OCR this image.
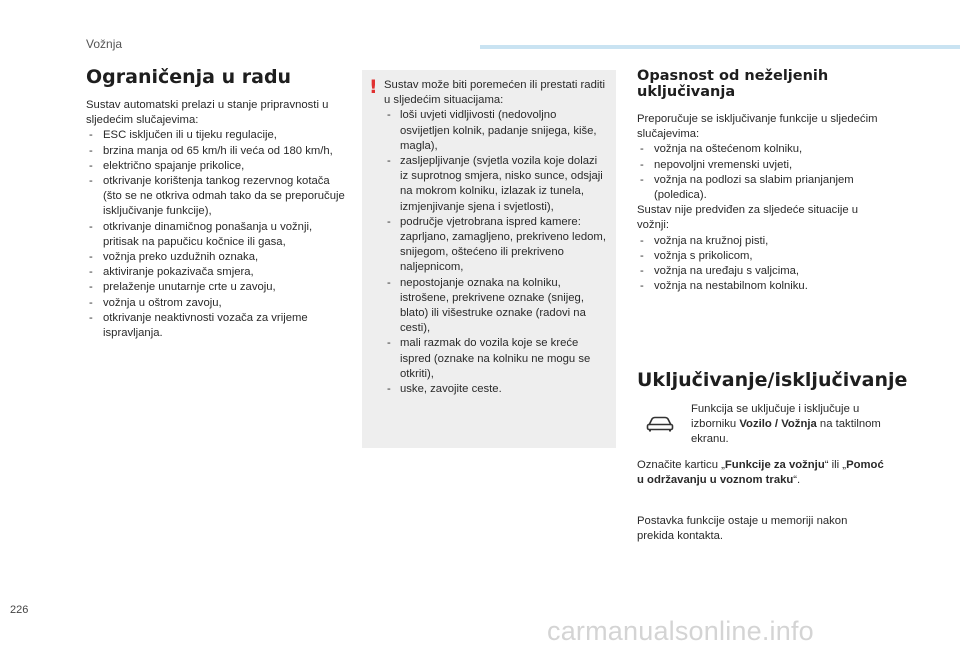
Vožnja
Ograničenja u radu

Sustav automatski prelazi u stanje pripravnosti u sljedećim slučajevima:

- ESC isključen ili u tijeku regulacije,
- brzina manja od 65 km/h ili veća od 180 km/h,
- električno spajanje prikolice,
- otkrivanje korištenja tankog rezervnog kotača (što se ne otkriva odmah tako da se preporučuje isključivanje funkcije),
- otkrivanje dinamičnog ponašanja u vožnji, pritisak na papučicu kočnice ili gasa,
- vožnja preko uzdužnih oznaka,
- aktiviranje pokazivača smjera,
- prelaženje unutarnje crte u zavoju,
- vožnja u oštrom zavoju,
- otkrivanje neaktivnosti vozača za vrijeme ispravljanja.
! Sustav može biti poremećen ili prestati raditi u sljedećim situacijama:

- loši uvjeti vidljivosti (nedovoljno osvijetljen kolnik, padanje snijega, kiše, magla),
- zasljepljivanje (svjetla vozila koje dolazi iz suprotnog smjera, nisko sunce, odsjaji na mokrom kolniku, izlazak iz tunela, izmjenjivanje sjena i svjetlosti),
- područje vjetrobrana ispred kamere: zaprljano, zamagljeno, prekriveno ledom, snijegom, oštećeno ili prekriveno naljepnicom,
- nepostojanje oznaka na kolniku, istrošene, prekrivene oznake (snijeg, blato) ili višestruke oznake (radovi na cesti),
- mali razmak do vozila koje se kreće ispred (oznake na kolniku ne mogu se otkriti),
- uske, zavojite ceste.
Opasnost od neželjenih uključivanja

Preporučuje se isključivanje funkcije u sljedećim slučajevima:

- vožnja na oštećenom kolniku,
- nepovoljni vremenski uvjeti,
- vožnja na podlozi sa slabim prianjanjem (poledica).

Sustav nije predviđen za sljedeće situacije u vožnji:

- vožnja na kružnoj pisti,
- vožnja s prikolicom,
- vožnja na uređaju s valjcima,
- vožnja na nestabilnom kolniku.
Uključivanje/isključivanje
Funkcija se uključuje i isključuje u izborniku Vozilo / Vožnja na taktilnom ekranu.
Označite karticu „Funkcije za vožnju“ ili „Pomoć u održavanju u voznom traku“.
Postavka funkcije ostaje u memoriji nakon prekida kontakta.
226
carmanualsonline.info
